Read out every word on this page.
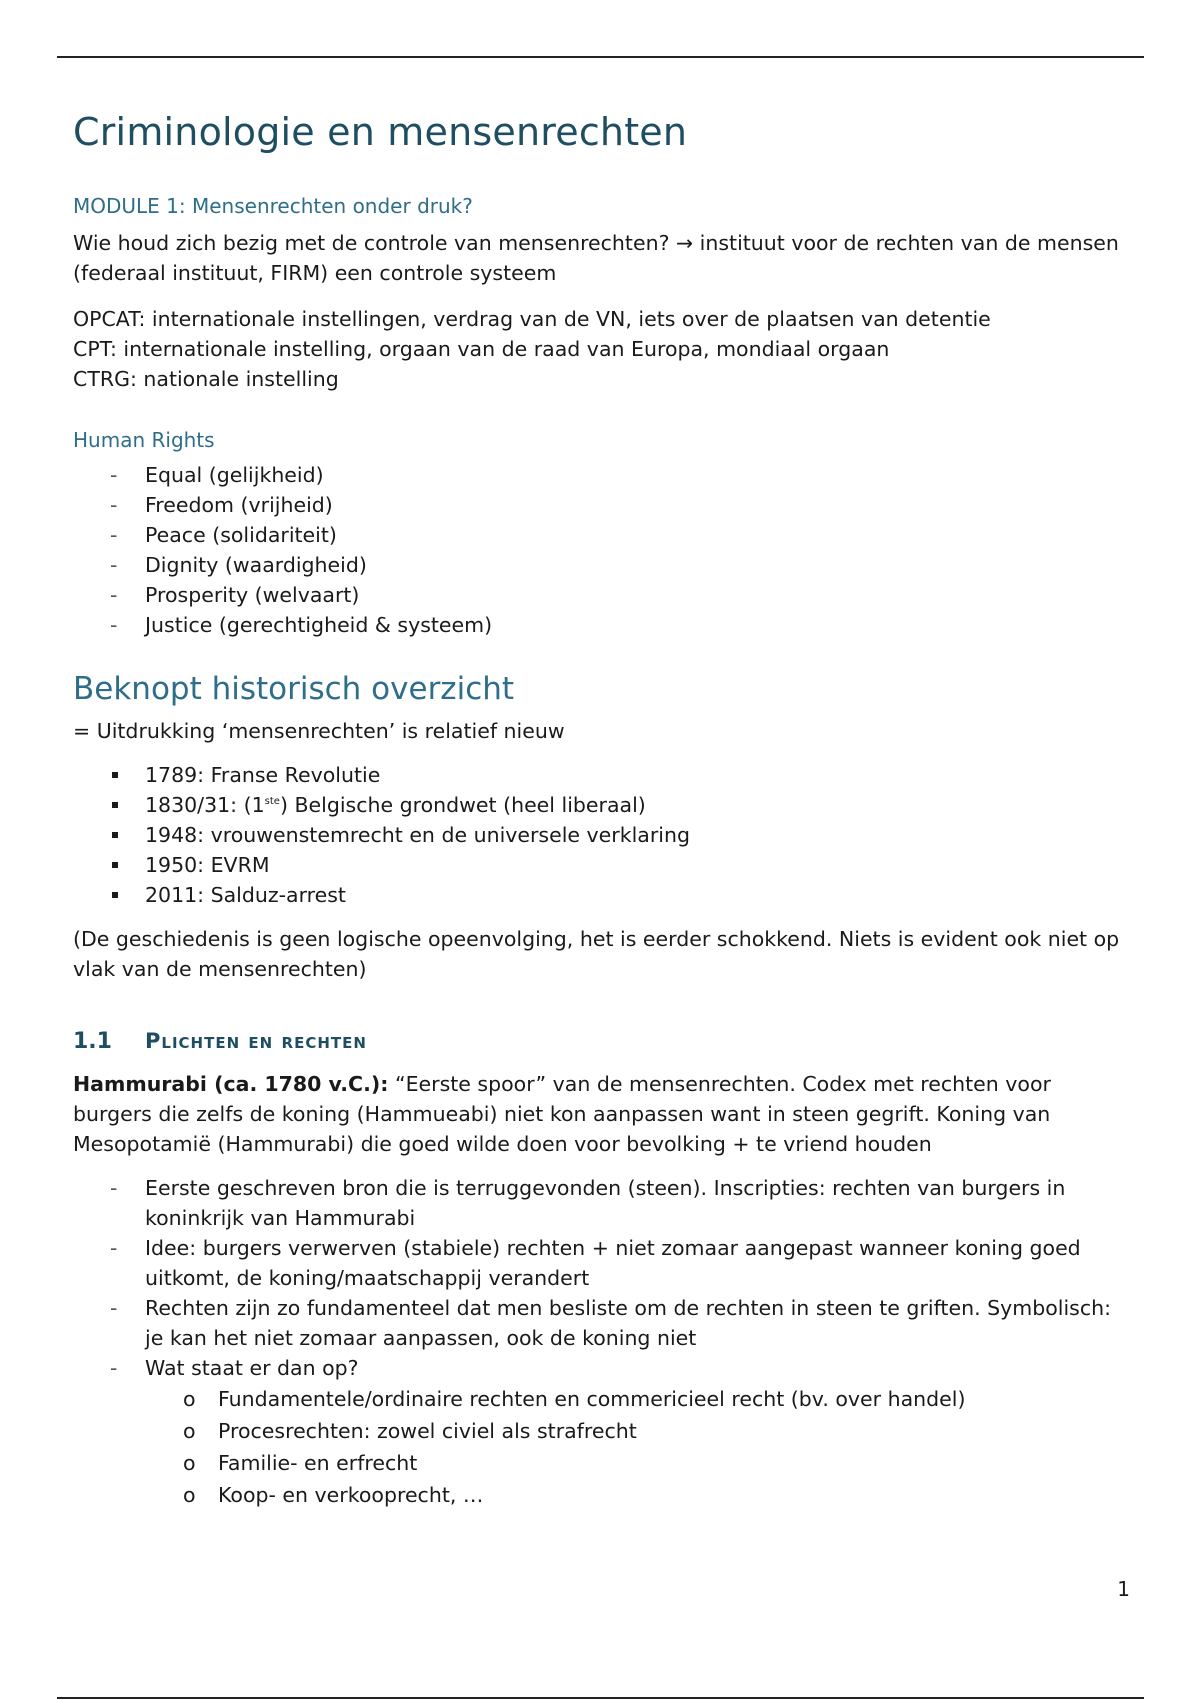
Criminologie en mensenrechten
MODULE 1: Mensenrechten onder druk?

Wie houd zich bezig met de controle van mensenrechten? → instituut voor de rechten van de mensen (federaal instituut, FIRM) een controle systeem

OPCAT: internationale instellingen, verdrag van de VN, iets over de plaatsen van detentie

CPT: internationale instelling, orgaan van de raad van Europa, mondiaal orgaan

CTRG: nationale instelling

Human Rights
- Equal (gelijkheid)
- Freedom (vrijheid)
- Peace (solidariteit)
- Dignity (waardigheid)
- Prosperity (welvaart)
- Justice (gerechtigheid & systeem)
Beknopt historisch overzicht

= Uitdrukking ‘mensenrechten’ is relatief nieuw

1789: Franse Revolutie
1830/31: (1ste) Belgische grondwet (heel liberaal)
1948: vrouwenstemrecht en de universele verklaring
1950: EVRM
2011: Salduz-arrest

(De geschiedenis is geen logische opeenvolging, het is eerder schokkend. Niets is evident ook niet op vlak van de mensenrechten)

1.1	Plichten en rechten

Hammurabi (ca. 1780 v.C.): “Eerste spoor” van de mensenrechten. Codex met rechten voor burgers die zelfs de koning (Hammueabi) niet kon aanpassen want in steen gegrift. Koning van Mesopotamië (Hammurabi) die goed wilde doen voor bevolking + te vriend houden

- Eerste geschreven bron die is terruggevonden (steen). Inscripties: rechten van burgers in koninkrijk van Hammurabi
- Idee: burgers verwerven (stabiele) rechten + niet zomaar aangepast wanneer koning goed uitkomt, de koning/maatschappij verandert
- Rechten zijn zo fundamenteel dat men besliste om de rechten in steen te griften. Symbolisch: je kan het niet zomaar aanpassen, ook de koning niet
- Wat staat er dan op?
o Fundamentele/ordinaire rechten en commericieel recht (bv. over handel)
o Procesrechten: zowel civiel als strafrecht
o Familie- en erfrecht
o Koop- en verkooprecht, …
1
